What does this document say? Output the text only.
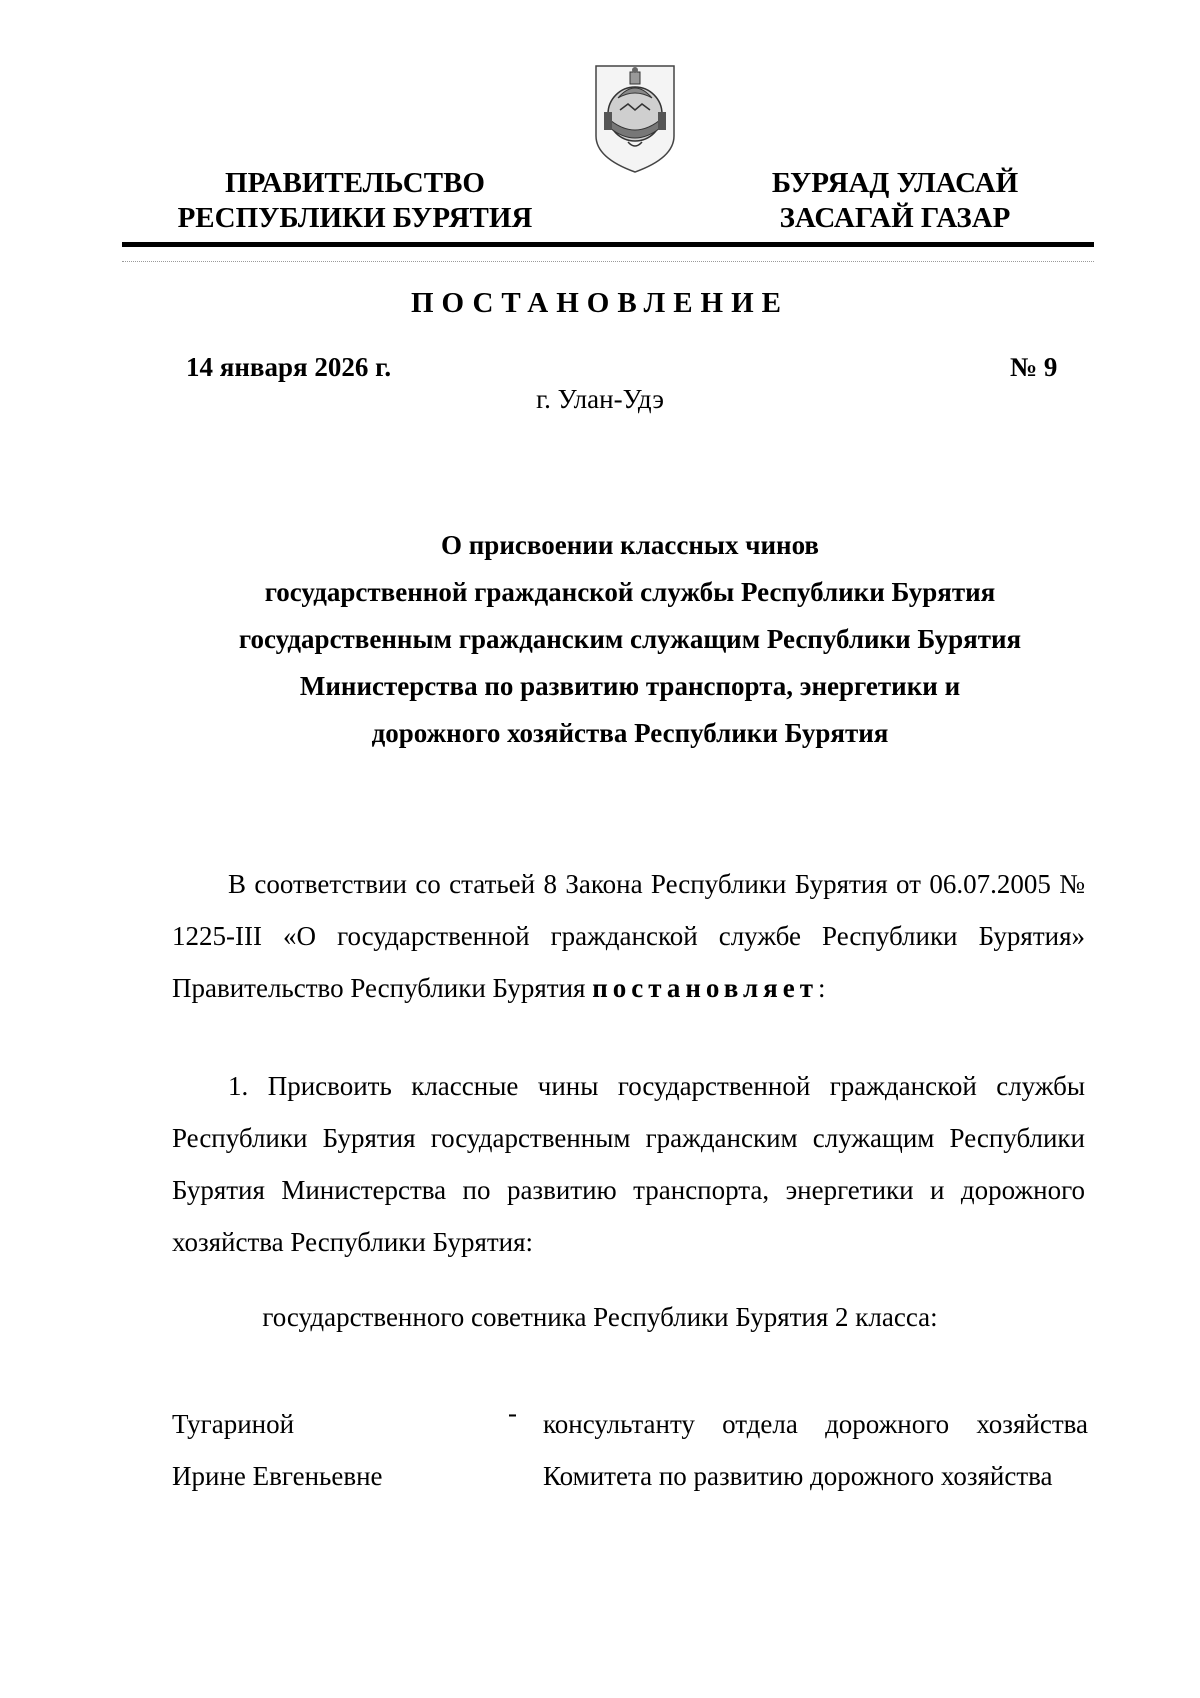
ПРАВИТЕЛЬСТВО
РЕСПУБЛИКИ БУРЯТИЯ
БУРЯАД УЛАСАЙ
ЗАСАГАЙ ГАЗАР
ПОСТАНОВЛЕНИЕ
14 января 2026 г.	№ 9
г. Улан-Удэ
О присвоении классных чинов
государственной гражданской службы Республики Бурятия
государственным гражданским служащим Республики Бурятия
Министерства по развитию транспорта, энергетики и
дорожного хозяйства Республики Бурятия
В соответствии со статьей 8 Закона Республики Бурятия от 06.07.2005 № 1225-III «О государственной гражданской службе Республики Бурятия» Правительство Республики Бурятия постановляет:
1. Присвоить классные чины государственной гражданской службы Республики Бурятия государственным гражданским служащим Республики Бурятия Министерства по развитию транспорта, энергетики и дорожного хозяйства Республики Бурятия:
государственного советника Республики Бурятия 2 класса:
Тугариной
Ирине Евгеньевне
- консультанту отдела дорожного хозяйства
Комитета по развитию дорожного хозяйства
